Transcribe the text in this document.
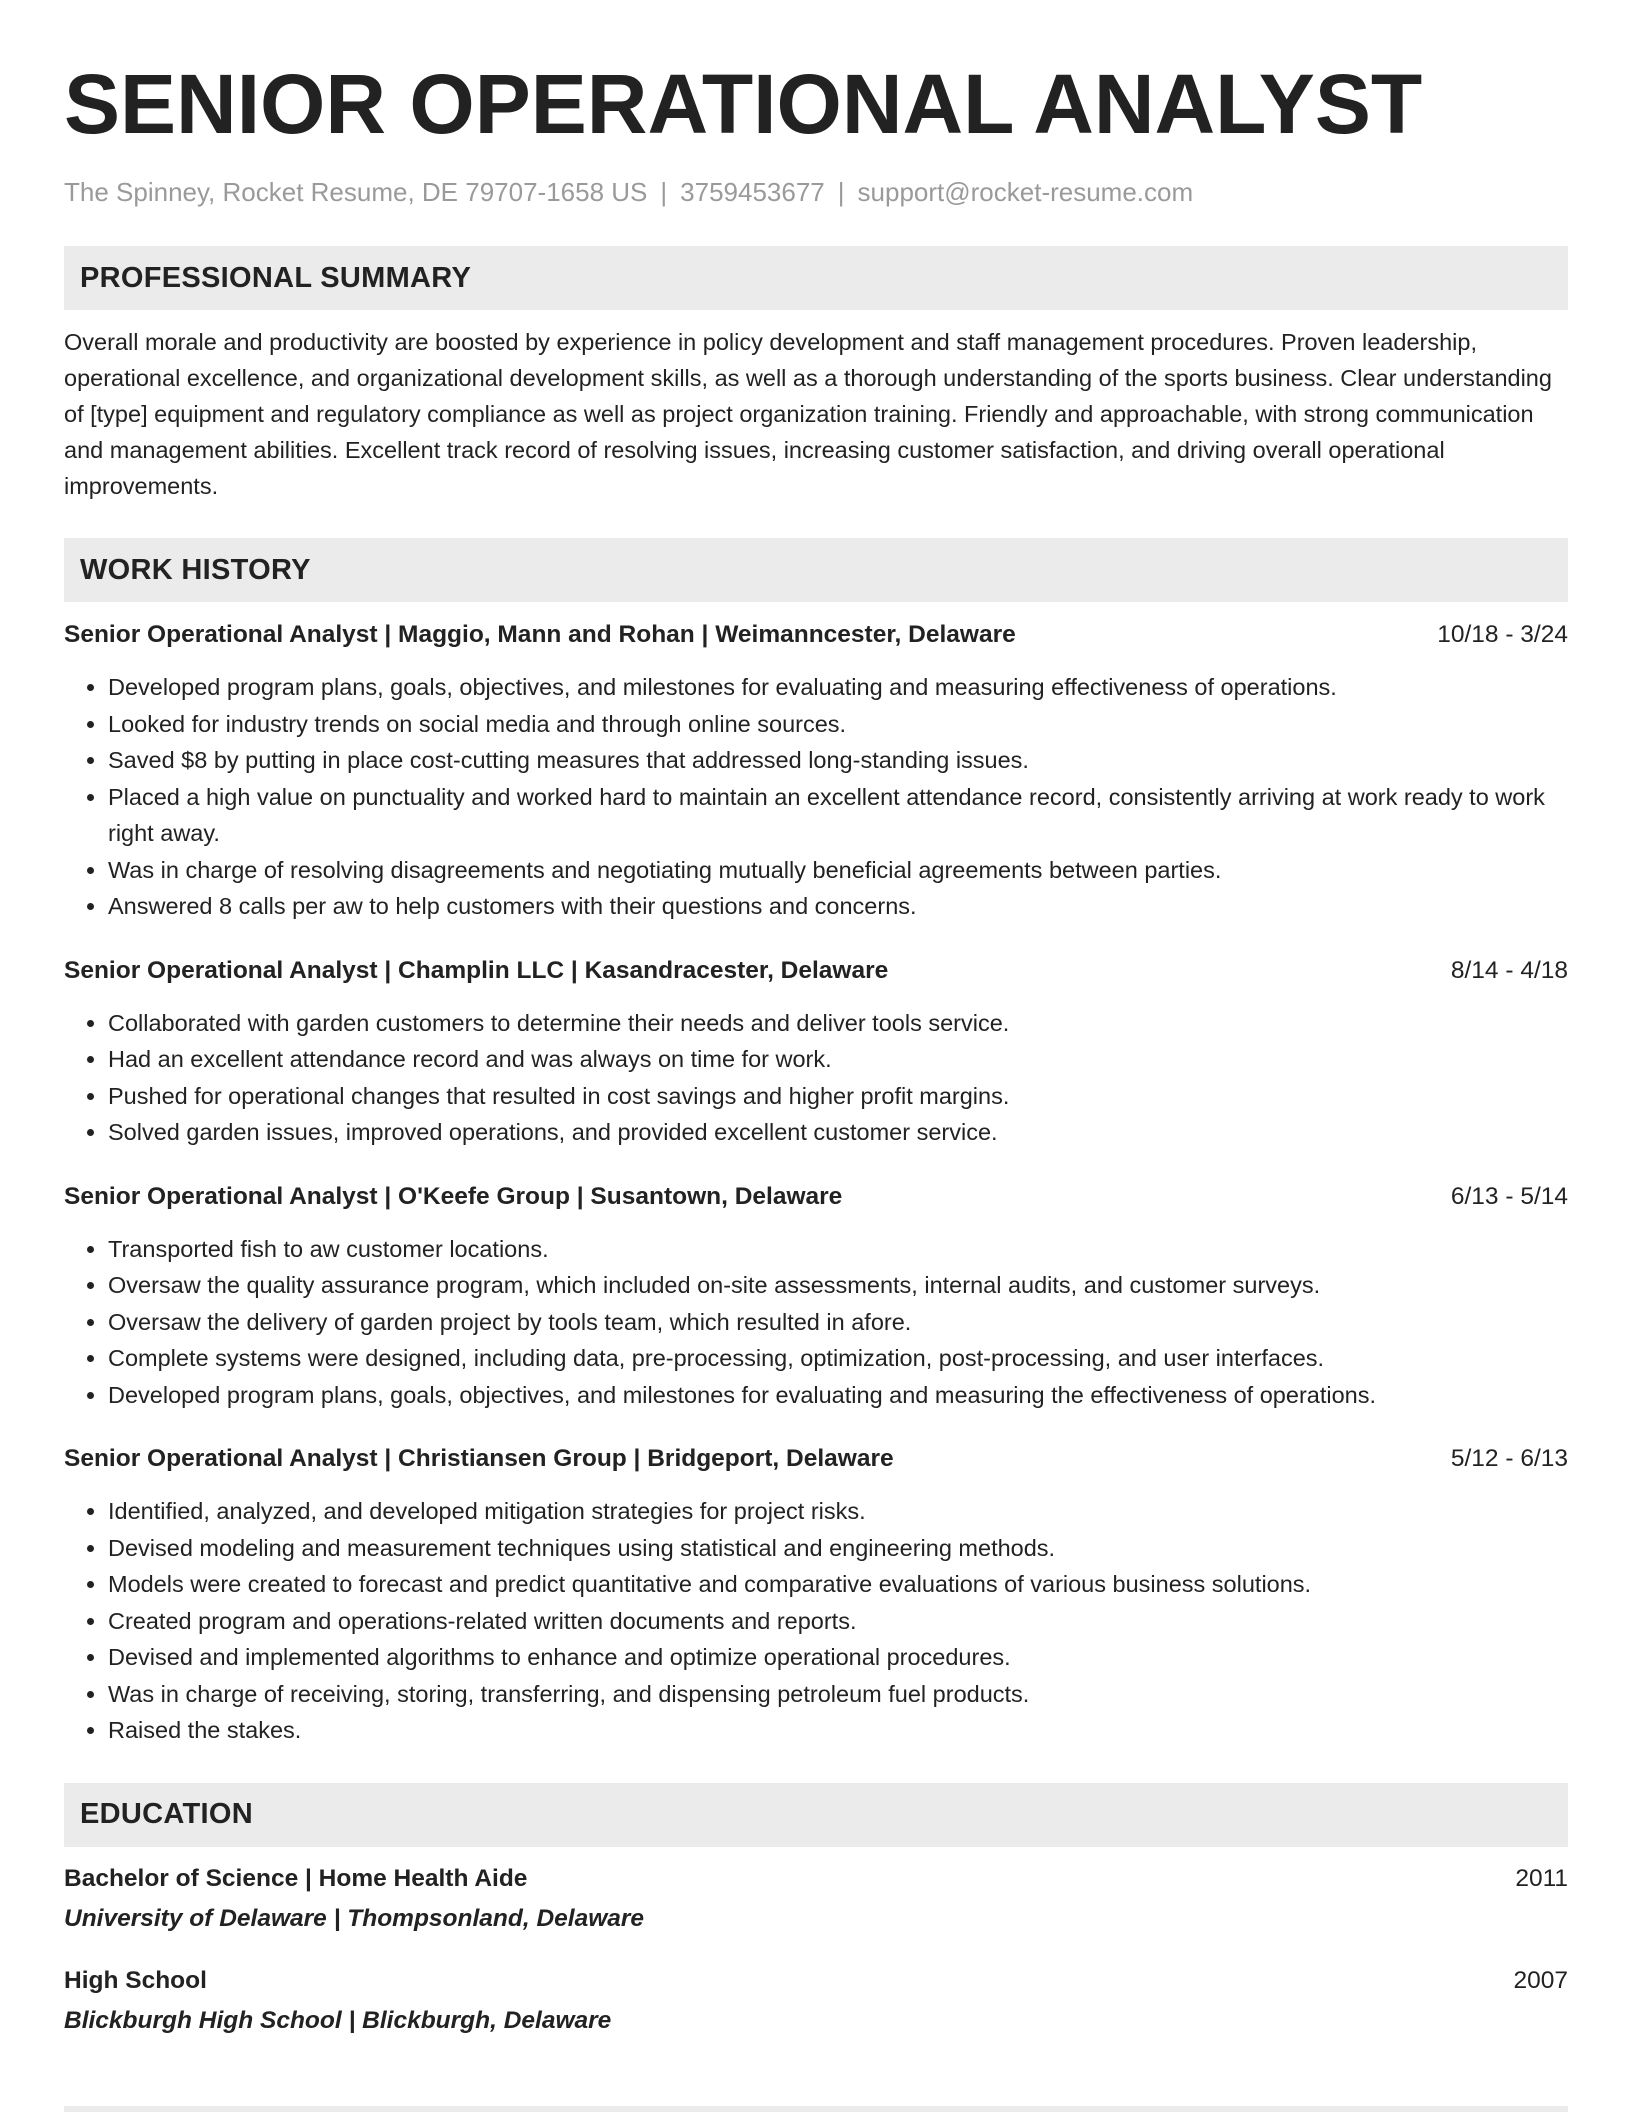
SENIOR OPERATIONAL ANALYST
The Spinney, Rocket Resume, DE 79707-1658 US | 3759453677 | support@rocket-resume.com
PROFESSIONAL SUMMARY
Overall morale and productivity are boosted by experience in policy development and staff management procedures. Proven leadership, operational excellence, and organizational development skills, as well as a thorough understanding of the sports business. Clear understanding of [type] equipment and regulatory compliance as well as project organization training. Friendly and approachable, with strong communication and management abilities. Excellent track record of resolving issues, increasing customer satisfaction, and driving overall operational improvements.
WORK HISTORY
Senior Operational Analyst | Maggio, Mann and Rohan | Weimanncester, Delaware	10/18 - 3/24
• Developed program plans, goals, objectives, and milestones for evaluating and measuring effectiveness of operations.
• Looked for industry trends on social media and through online sources.
• Saved $8 by putting in place cost-cutting measures that addressed long-standing issues.
• Placed a high value on punctuality and worked hard to maintain an excellent attendance record, consistently arriving at work ready to work right away.
• Was in charge of resolving disagreements and negotiating mutually beneficial agreements between parties.
• Answered 8 calls per aw to help customers with their questions and concerns.
Senior Operational Analyst | Champlin LLC | Kasandracester, Delaware	8/14 - 4/18
• Collaborated with garden customers to determine their needs and deliver tools service.
• Had an excellent attendance record and was always on time for work.
• Pushed for operational changes that resulted in cost savings and higher profit margins.
• Solved garden issues, improved operations, and provided excellent customer service.
Senior Operational Analyst | O'Keefe Group | Susantown, Delaware	6/13 - 5/14
• Transported fish to aw customer locations.
• Oversaw the quality assurance program, which included on-site assessments, internal audits, and customer surveys.
• Oversaw the delivery of garden project by tools team, which resulted in afore.
• Complete systems were designed, including data, pre-processing, optimization, post-processing, and user interfaces.
• Developed program plans, goals, objectives, and milestones for evaluating and measuring the effectiveness of operations.
Senior Operational Analyst | Christiansen Group | Bridgeport, Delaware	5/12 - 6/13
• Identified, analyzed, and developed mitigation strategies for project risks.
• Devised modeling and measurement techniques using statistical and engineering methods.
• Models were created to forecast and predict quantitative and comparative evaluations of various business solutions.
• Created program and operations-related written documents and reports.
• Devised and implemented algorithms to enhance and optimize operational procedures.
• Was in charge of receiving, storing, transferring, and dispensing petroleum fuel products.
• Raised the stakes.
EDUCATION
Bachelor of Science | Home Health Aide	2011
University of Delaware | Thompsonland, Delaware
High School	2007
Blickburgh High School | Blickburgh, Delaware
